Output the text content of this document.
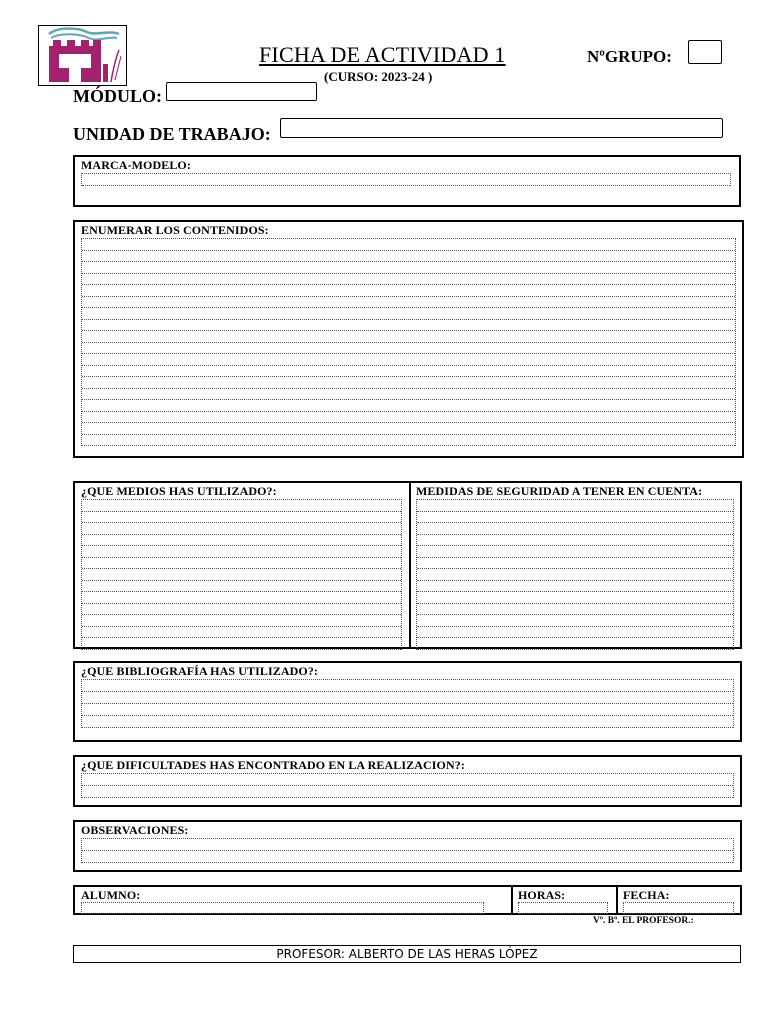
FICHA DE ACTIVIDAD 1
(CURSO: 2023-24 )
NºGRUPO:
MÓDULO:
UNIDAD DE TRABAJO:
MARCA-MODELO:
ENUMERAR LOS CONTENIDOS:
¿QUE MEDIOS HAS UTILIZADO?:	MEDIDAS DE SEGURIDAD A TENER EN CUENTA:
¿QUE BIBLIOGRAFÍA HAS UTILIZADO?:
¿QUE DIFICULTADES HAS ENCONTRADO EN LA REALIZACION?:
OBSERVACIONES:
ALUMNO:	HORAS:	FECHA:
Vº. Bº. EL PROFESOR.:
PROFESOR: ALBERTO DE LAS HERAS LÓPEZ
